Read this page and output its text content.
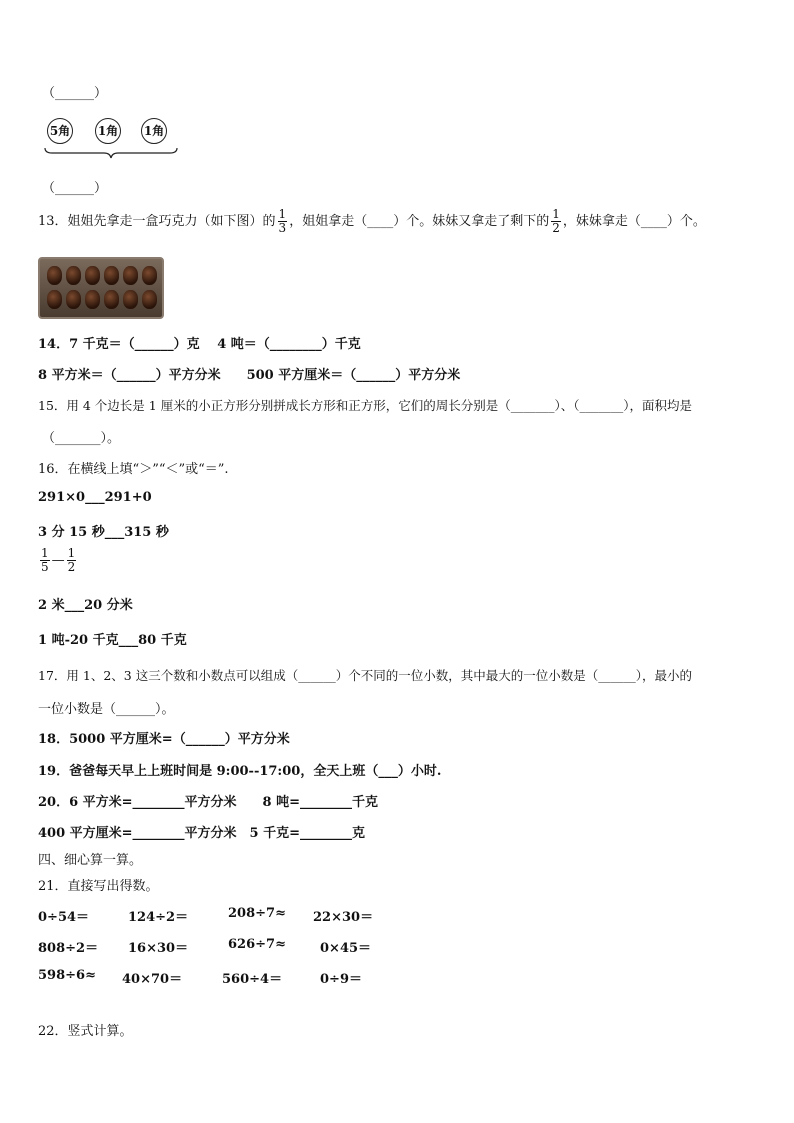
（______）
5角 1角 1角
（______）
13．姐姐先拿走一盒巧克力（如下图）的 $\frac{1}{3}$ ，姐姐拿走（____）个。妹妹又拿走了剩下的 $\frac{1}{2}$ ，妹妹拿走（____）个。
14．7 千克＝（______）克　 4 吨＝（________）千克
8 平方米＝（______）平方分米　　500 平方厘米＝（______）平方分米
15．用 4 个边长是 1 厘米的小正方形分别拼成长方形和正方形，它们的周长分别是（_______）、（_______），面积均是
（_______）。
16．在横线上填“＞”“＜”或“＝”.
291×0___291+0
3 分 15 秒___315 秒
$\frac{1}{5}$ — $\frac{1}{2}$
2 米___20 分米
1 吨-20 千克___80 千克
17．用 1、2、3 这三个数和小数点可以组成（______）个不同的一位小数，其中最大的一位小数是（______），最小的
一位小数是（______）。
18．5000 平方厘米=（______）平方分米
19．爸爸每天早上上班时间是 9:00--17:00，全天上班（___）小时.
20．6 平方米=________平方分米　　8 吨=________千克
400 平方厘米=________平方分米　5 千克=________克
四、细心算一算。
21．直接写出得数。
0÷54＝	124÷2＝	208÷7≈ 22×30＝
808÷2＝ 16×30＝	626÷7≈	0×45＝
598÷6≈ 40×70＝	560÷4＝	0÷9＝
22．竖式计算。
